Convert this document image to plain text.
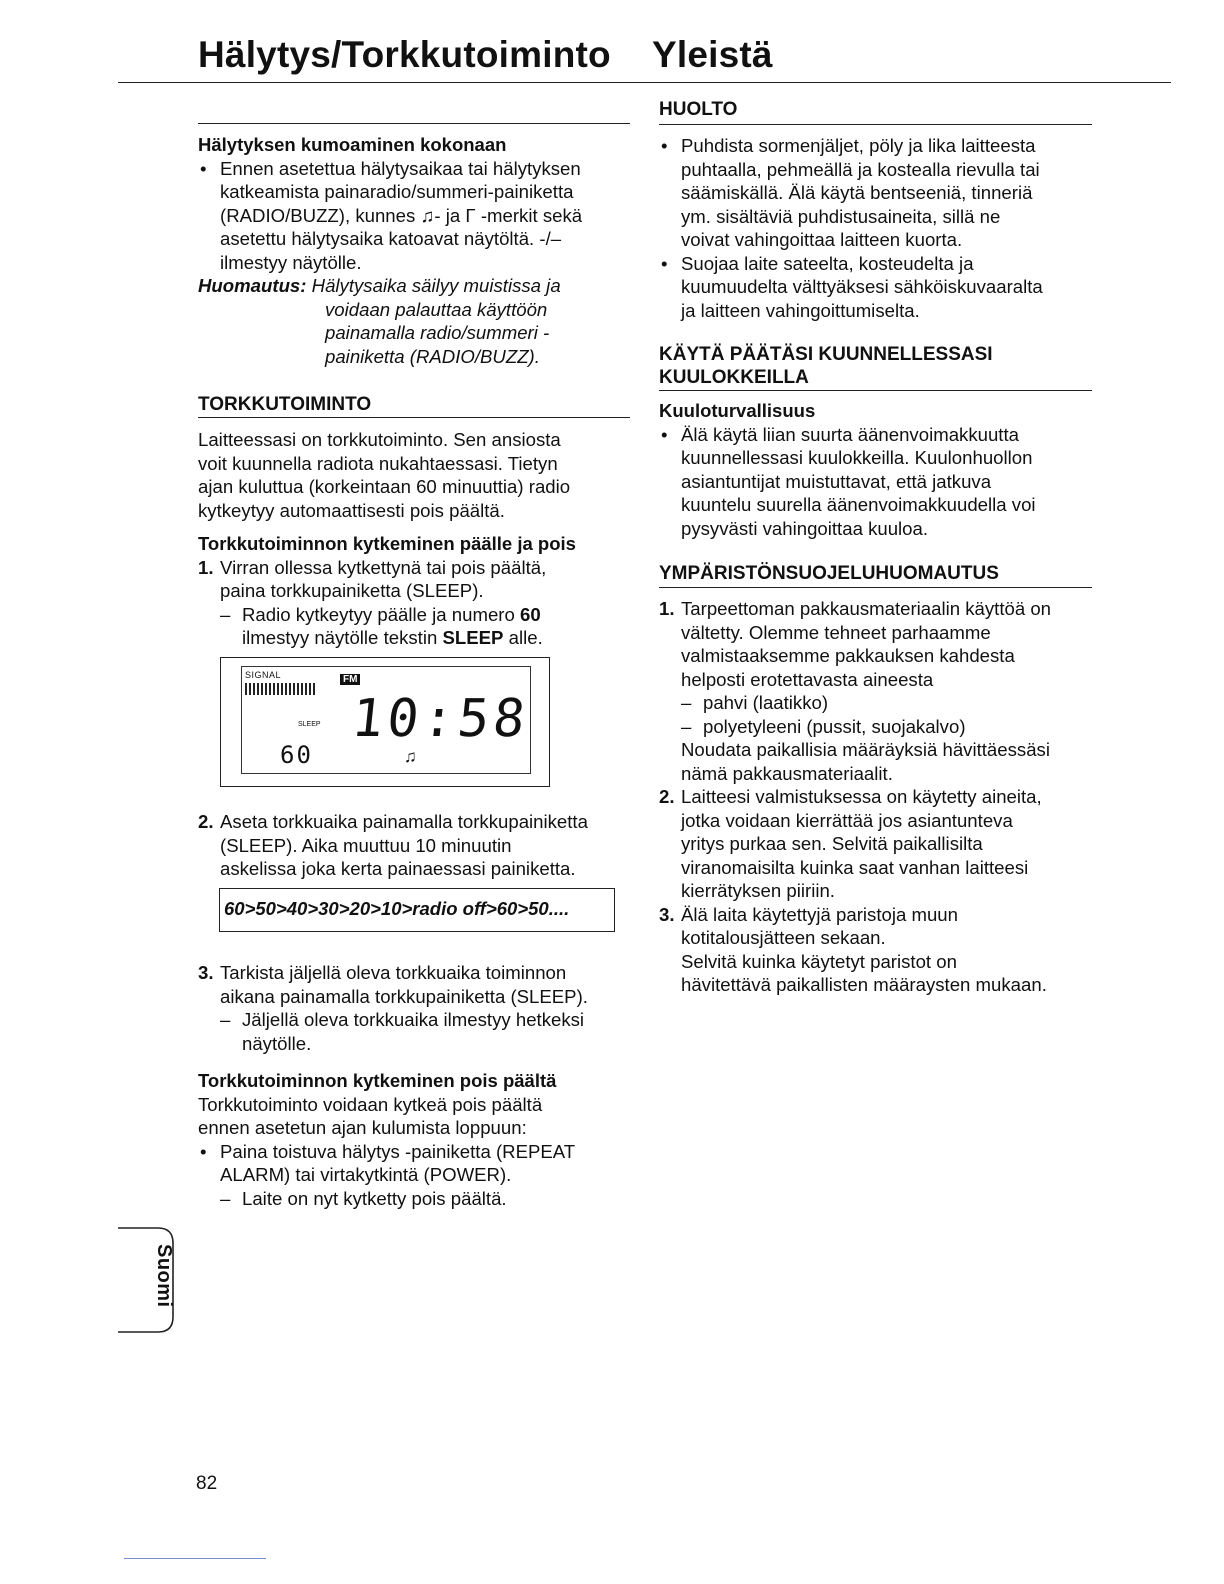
Hälytys/Torkkutoiminto Yleistä
Hälytyksen kumoaminen kokonaan
• Ennen asetettua hälytysaikaa tai hälytyksen
katkeamista painaradio/summeri-painiketta
(RADIO/BUZZ), kunnes ♫- ja Γ -merkit sekä
asetettu hälytysaika katoavat näytöltä. -/–
ilmestyy näytölle.
Huomautus: Hälytysaika säilyy muistissa ja
voidaan palauttaa käyttöön
painamalla radio/summeri -
painiketta (RADIO/BUZZ).
TORKKUTOIMINTO
Laitteessasi on torkkutoiminto. Sen ansiosta
voit kuunnella radiota nukahtaessasi. Tietyn
ajan kuluttua (korkeintaan 60 minuuttia) radio
kytkeytyy automaattisesti pois päältä.
Torkkutoiminnon kytkeminen päälle ja pois
1. Virran ollessa kytkettynä tai pois päältä,
paina torkkupainiketta (SLEEP).
– Radio kytkeytyy päälle ja numero 60
ilmestyy näytölle tekstin SLEEP alle.
SIGNAL	FM
SLEEP 10:58
60	♫
2. Aseta torkkuaika painamalla torkkupainiketta
(SLEEP). Aika muuttuu 10 minuutin
askelissa joka kerta painaessasi painiketta.
60>50>40>30>20>10>radio off>60>50....
3. Tarkista jäljellä oleva torkkuaika toiminnon
aikana painamalla torkkupainiketta (SLEEP).
– Jäljellä oleva torkkuaika ilmestyy hetkeksi
näytölle.
Torkkutoiminnon kytkeminen pois päältä
Torkkutoiminto voidaan kytkeä pois päältä
ennen asetetun ajan kulumista loppuun:
• Paina toistuva hälytys -painiketta (REPEAT
ALARM) tai virtakytkintä (POWER).
– Laite on nyt kytketty pois päältä.
HUOLTO
• Puhdista sormenjäljet, pöly ja lika laitteesta
puhtaalla, pehmeällä ja kostealla rievulla tai
säämiskällä. Älä käytä bentseeniä, tinneriä
ym. sisältäviä puhdistusaineita, sillä ne
voivat vahingoittaa laitteen kuorta.
• Suojaa laite sateelta, kosteudelta ja
kuumuudelta välttyäksesi sähköiskuvaaralta
ja laitteen vahingoittumiselta.
KÄYTÄ PÄÄTÄSI KUUNNELLESSASI
KUULOKKEILLA
Kuuloturvallisuus
• Älä käytä liian suurta äänenvoimakkuutta
kuunnellessasi kuulokkeilla. Kuulonhuollon
asiantuntijat muistuttavat, että jatkuva
kuuntelu suurella äänenvoimakkuudella voi
pysyvästi vahingoittaa kuuloa.
YMPÄRISTÖNSUOJELUHUOMAUTUS
1. Tarpeettoman pakkausmateriaalin käyttöä on
vältetty. Olemme tehneet parhaamme
valmistaaksemme pakkauksen kahdesta
helposti erotettavasta aineesta
– pahvi (laatikko)
– polyetyleeni (pussit, suojakalvo)
Noudata paikallisia määräyksiä hävittäessäsi
nämä pakkausmateriaalit.
2. Laitteesi valmistuksessa on käytetty aineita,
jotka voidaan kierrättää jos asiantunteva
yritys purkaa sen. Selvitä paikallisilta
viranomaisilta kuinka saat vanhan laitteesi
kierrätyksen piiriin.
3. Älä laita käytettyjä paristoja muun
kotitalousjätteen sekaan.
Selvitä kuinka käytetyt paristot on
hävitettävä paikallisten määraysten mukaan.
Suomi
82
